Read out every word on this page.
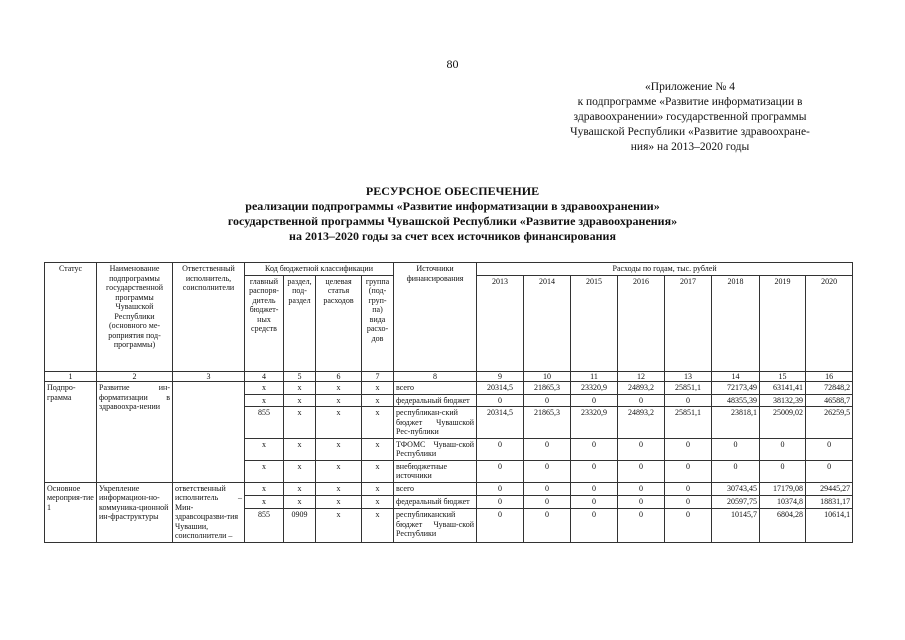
80
«Приложение № 4
к подпрограмме «Развитие информатизации в
здравоохранении» государственной программы
Чувашской Республики «Развитие здравоохране-
ния» на 2013–2020 годы
РЕСУРСНОЕ ОБЕСПЕЧЕНИЕ
реализации подпрограммы «Развитие информатизации в здравоохранении»
государственной программы Чувашской Республики «Развитие здравоохранения»
на 2013–2020 годы за счет всех источников финансирования
Статус	Наименование подпрограммы государственной программы Чувашской Республики (основного ме-роприятия под-программы)	Ответственный исполнитель, соисполнители	Код бюджетной классификации				Источники финансирования	Расходы по годам, тыс. рублей							
			главный распоря-дитель бюджет-ных средств	раздел, под-раздел	целевая статья расходов	группа (под-груп-па) вида расхо-дов		2013	2014	2015	2016	2017	2018	2019	2020
1	2	3	4	5	6	7	8	9	10	11	12	13	14	15	16
Подпро-грамма	Развитие ин-форматизации в здравоохра-нении		х	х	х	х	всего	20314,5	21865,3	23320,9	24893,2	25851,1	72173,49	63141,41	72848,2
			х	х	х	х	федеральный бюджет	0	0	0	0	0	48355,39	38132,39	46588,7
			855	х	х	х	республикан-ский бюджет Чувашской Рес-публики	20314,5	21865,3	23320,9	24893,2	25851,1	23818,1	25009,02	26259,5
			х	х	х	х	ТФОМС Чуваш-ской Республики	0	0	0	0	0	0	0	0
			х	х	х	х	внебюджетные источники	0	0	0	0	0	0	0	0
Основное мероприя-тие 1	Укрепление информацион-но-коммуника-ционной ин-фраструктуры	ответственный исполнитель – Мин-здравсоцразви-тия Чувашии, соисполнители –	х	х	х	х	всего	0	0	0	0	0	30743,45	17179,08	29445,27
			х	х	х	х	федеральный бюджет	0	0	0	0	0	20597,75	10374,8	18831,17
			855	0909	х	х	республиканский бюджет Чуваш-ской Республики	0	0	0	0	0	10145,7	6804,28	10614,1
